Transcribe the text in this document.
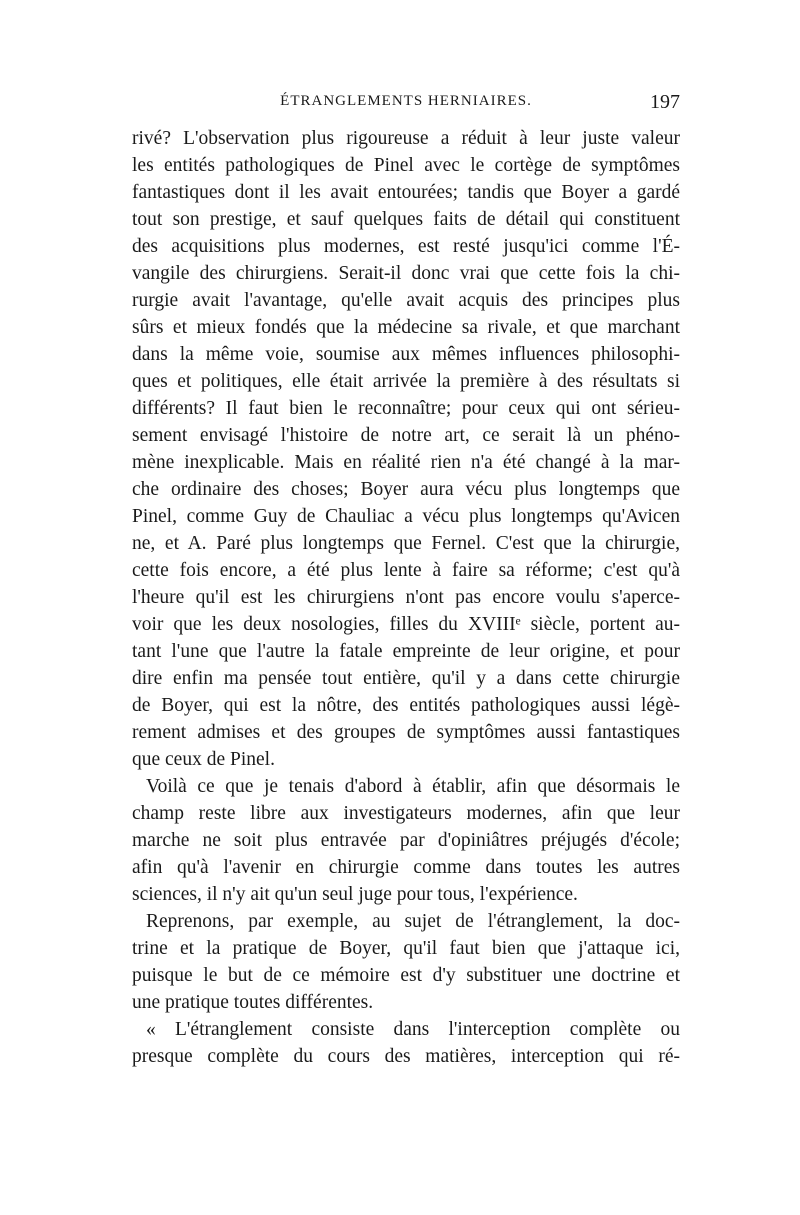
ÉTRANGLEMENTS HERNIAIRES.	197
rivé? L'observation plus rigoureuse a réduit à leur juste valeur
les entités pathologiques de Pinel avec le cortège de symptômes
fantastiques dont il les avait entourées; tandis que Boyer a gardé
tout son prestige, et sauf quelques faits de détail qui constituent
des acquisitions plus modernes, est resté jusqu'ici comme l'É-
vangile des chirurgiens. Serait-il donc vrai que cette fois la chi-
rurgie avait l'avantage, qu'elle avait acquis des principes plus
sûrs et mieux fondés que la médecine sa rivale, et que marchant
dans la même voie, soumise aux mêmes influences philosophi-
ques et politiques, elle était arrivée la première à des résultats si
différents? Il faut bien le reconnaître; pour ceux qui ont sérieu-
sement envisagé l'histoire de notre art, ce serait là un phéno-
mène inexplicable. Mais en réalité rien n'a été changé à la mar-
che ordinaire des choses; Boyer aura vécu plus longtemps que
Pinel, comme Guy de Chauliac a vécu plus longtemps qu'Avicen
ne, et A. Paré plus longtemps que Fernel. C'est que la chirurgie,
cette fois encore, a été plus lente à faire sa réforme; c'est qu'à
l'heure qu'il est les chirurgiens n'ont pas encore voulu s'aperce-
voir que les deux nosologies, filles du XVIIIᵉ siècle, portent au-
tant l'une que l'autre la fatale empreinte de leur origine, et pour
dire enfin ma pensée tout entière, qu'il y a dans cette chirurgie
de Boyer, qui est la nôtre, des entités pathologiques aussi légè-
rement admises et des groupes de symptômes aussi fantastiques
que ceux de Pinel.
Voilà ce que je tenais d'abord à établir, afin que désormais le
champ reste libre aux investigateurs modernes, afin que leur
marche ne soit plus entravée par d'opiniâtres préjugés d'école;
afin qu'à l'avenir en chirurgie comme dans toutes les autres
sciences, il n'y ait qu'un seul juge pour tous, l'expérience.
Reprenons, par exemple, au sujet de l'étranglement, la doc-
trine et la pratique de Boyer, qu'il faut bien que j'attaque ici,
puisque le but de ce mémoire est d'y substituer une doctrine et
une pratique toutes différentes.
« L'étranglement consiste dans l'interception complète ou
presque complète du cours des matières, interception qui ré-
